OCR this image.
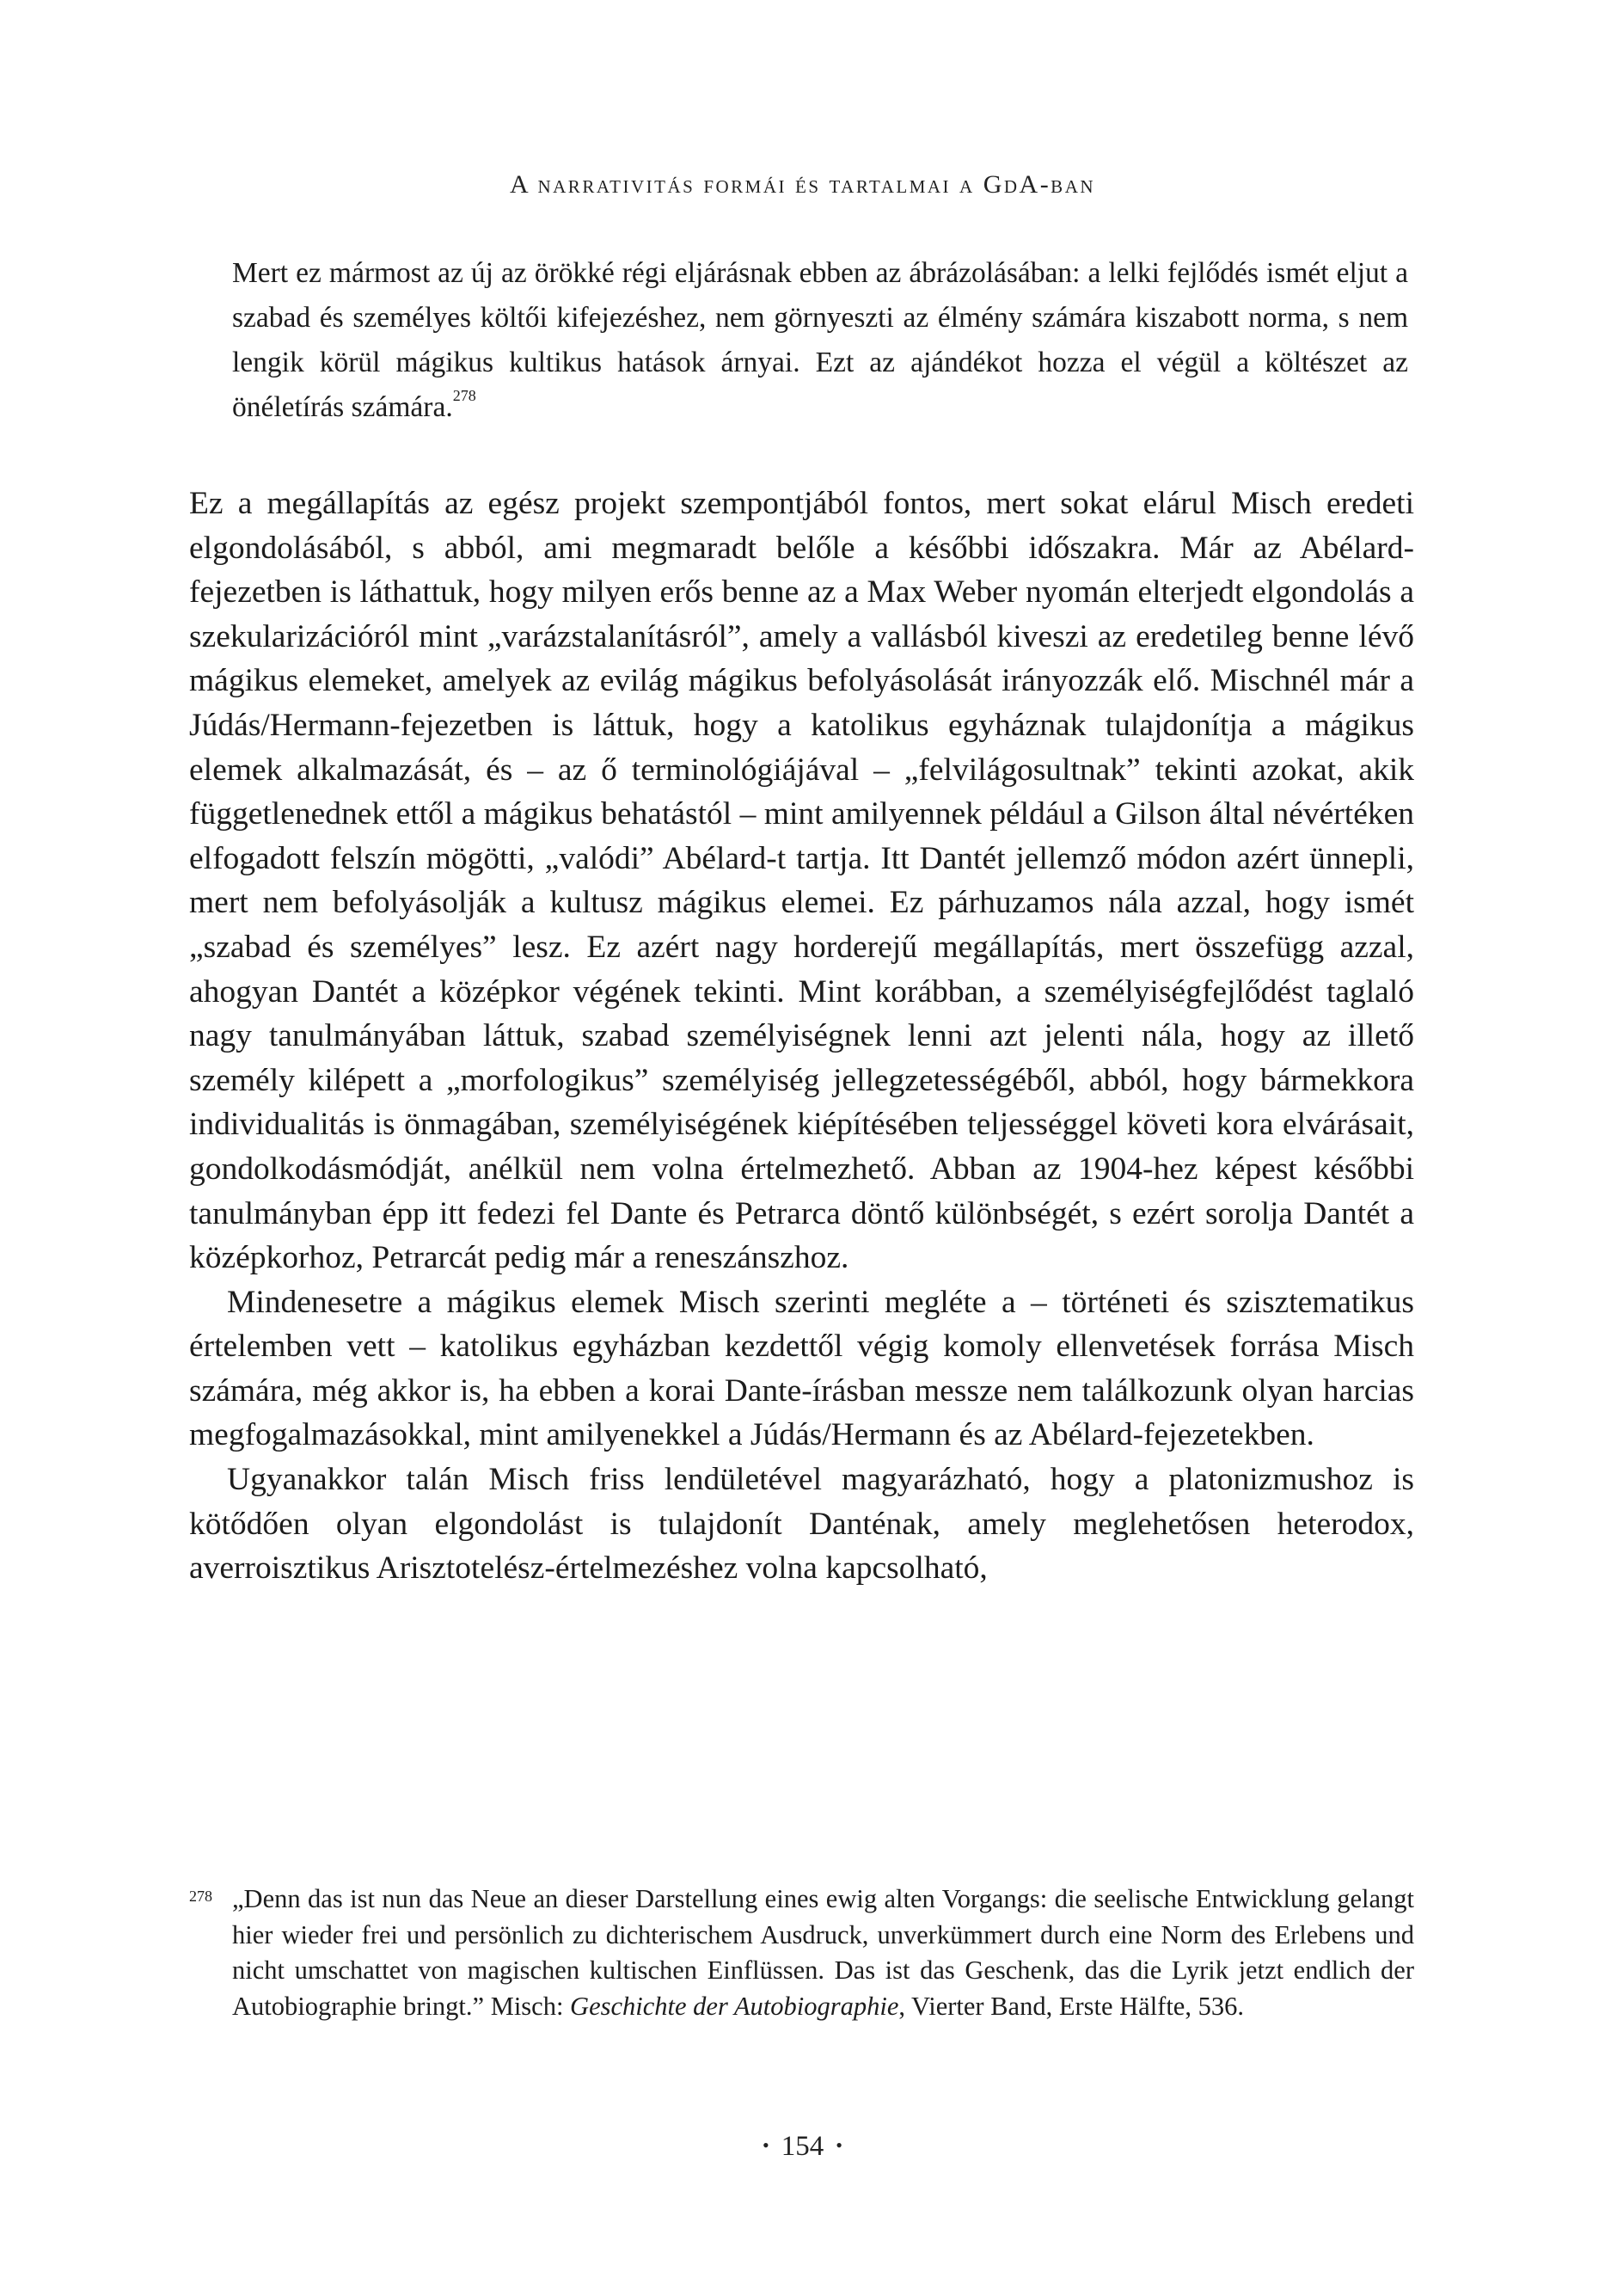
A narrativitás formái és tartalmai a GdA-ban

Mert ez mármost az új az örökké régi eljárásnak ebben az ábrázolásában: a lelki fejlődés ismét eljut a szabad és személyes költői kifejezéshez, nem görnyeszti az élmény számára kiszabott norma, s nem lengik körül mágikus kultikus hatások árnyai. Ezt az ajándékot hozza el végül a költészet az önéletírás számára.$^{278}$

Ez a megállapítás az egész projekt szempontjából fontos, mert sokat elárul Misch eredeti elgondolásából, s abból, ami megmaradt belőle a későbbi időszakra. Már az Abélard-fejezetben is láthattuk, hogy milyen erős benne az a Max Weber nyomán elterjedt elgondolás a szekularizációról mint „varázstalanításról”, amely a vallásból kiveszi az eredetileg benne lévő mágikus elemeket, amelyek az evilág mágikus befolyásolását irányozzák elő. Mischnél már a Júdás/Hermann-fejezetben is láttuk, hogy a katolikus egyháznak tulajdonítja a mágikus elemek alkalmazását, és – az ő terminológiájával – „felvilágosultnak” tekinti azokat, akik függetlenednek ettől a mágikus behatástól – mint amilyennek például a Gilson által névértéken elfogadott felszín mögötti, „valódi” Abélard-t tartja. Itt Dantét jellemző módon azért ünnepli, mert nem befolyásolják a kultusz mágikus elemei. Ez párhuzamos nála azzal, hogy ismét „szabad és személyes” lesz. Ez azért nagy horderejű megállapítás, mert összefügg azzal, ahogyan Dantét a középkor végének tekinti. Mint korábban, a személyiségfejlődést taglaló nagy tanulmányában láttuk, szabad személyiségnek lenni azt jelenti nála, hogy az illető személy kilépett a „morfologikus” személyiség jellegzetességéből, abból, hogy bármekkora individualitás is önmagában, személyiségének kiépítésében teljességgel követi kora elvárásait, gondolkodásmódját, anélkül nem volna értelmezhető. Abban az 1904-hez képest későbbi tanulmányban épp itt fedezi fel Dante és Petrarca döntő különbségét, s ezért sorolja Dantét a középkorhoz, Petrarcát pedig már a reneszánszhoz.

Mindenesetre a mágikus elemek Misch szerinti megléte a – történeti és szisztematikus értelemben vett – katolikus egyházban kezdettől végig komoly ellenvetések forrása Misch számára, még akkor is, ha ebben a korai Dante-írásban messze nem találkozunk olyan harcias megfogalmazásokkal, mint amilyenekkel a Júdás/Hermann és az Abélard-fejezetekben.

Ugyanakkor talán Misch friss lendületével magyarázható, hogy a platonizmushoz is kötődően olyan elgondolást is tulajdonít Danténak, amely meglehetősen heterodox, averroisztikus Arisztotelész-értelmezéshez volna kapcsolható,

278 „Denn das ist nun das Neue an dieser Darstellung eines ewig alten Vorgangs: die seelische Entwicklung gelangt hier wieder frei und persönlich zu dichterischem Ausdruck, unverkümmert durch eine Norm des Erlebens und nicht umschattet von magischen kultischen Einflüssen. Das ist das Geschenk, das die Lyrik jetzt endlich der Autobiographie bringt.” Misch: Geschichte der Autobiographie, Vierter Band, Erste Hälfte, 536.
• 154 •
